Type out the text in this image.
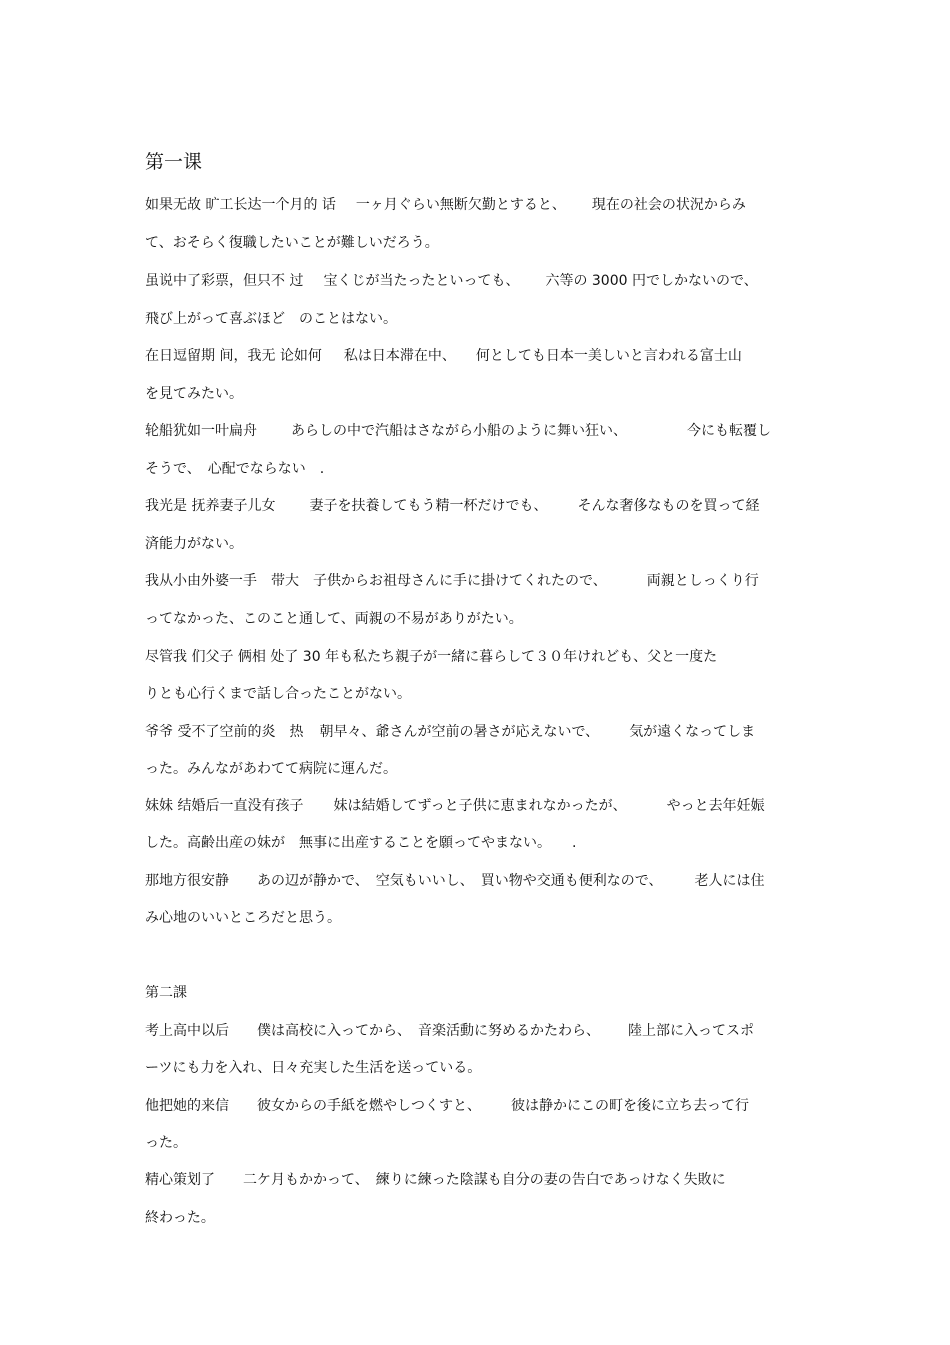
第一课
如果无故 旷工长达一个月的 话 一ヶ月ぐらい無断欠勤とすると、 現在の社会の状況からみ
て、おそらく復職したいことが難しいだろう。
虽说中了彩票，但只不 过 宝くじが当たったといっても、 六等の 3000 円でしかないので、
飛び上がって喜ぶほど　のことはない。
在日逗留期 间，我无 论如何 私は日本滞在中、 何としても日本一美しいと言われる富士山
を見てみたい。
轮船犹如一叶扁舟 あらしの中で汽船はさながら小船のように舞い狂い、	今にも転覆し
そうで、　心配でならない　.
我光是 抚养妻子儿女 妻子を扶養してもう精一杯だけでも、 そんな奢侈なものを買って経
済能力がない。
我从小由外婆一手　带大 子供からお祖母さんに手に掛けてくれたので、	両親としっくり行
ってなかった、このこと通して、両親の不易がありがたい。
尽管我 们父子 俩相 处了 30 年も私たち親子が一緒に暮らして３０年けれども、父と一度た
りとも心行くまで話し合ったことがない。
爷爷 受不了空前的炎　热 朝早々、爺さんが空前の暑さが応えないで、 気が遠くなってしま
った。みんながあわてて病院に運んだ。
妹妹 结婚后一直没有孩子 妹は結婚してずっと子供に恵まれなかったが、	やっと去年妊娠
した。高齢出産の妹が　無事に出産することを願ってやまない。　　.
那地方很安静 あの辺が静かで、　空気もいいし、　買い物や交通も便利なので、 老人には住
み心地のいいところだと思う。
第二課
考上高中以后 僕は高校に入ってから、　音楽活動に努めるかたわら、 陸上部に入ってスポ
ーツにも力を入れ、日々充実した生活を送っている。
他把她的来信 彼女からの手紙を燃やしつくすと、 彼は静かにこの町を後に立ち去って行
った。
精心策划了 二ケ月もかかって、　練りに練った陰謀も自分の妻の告白であっけなく失敗に
終わった。
